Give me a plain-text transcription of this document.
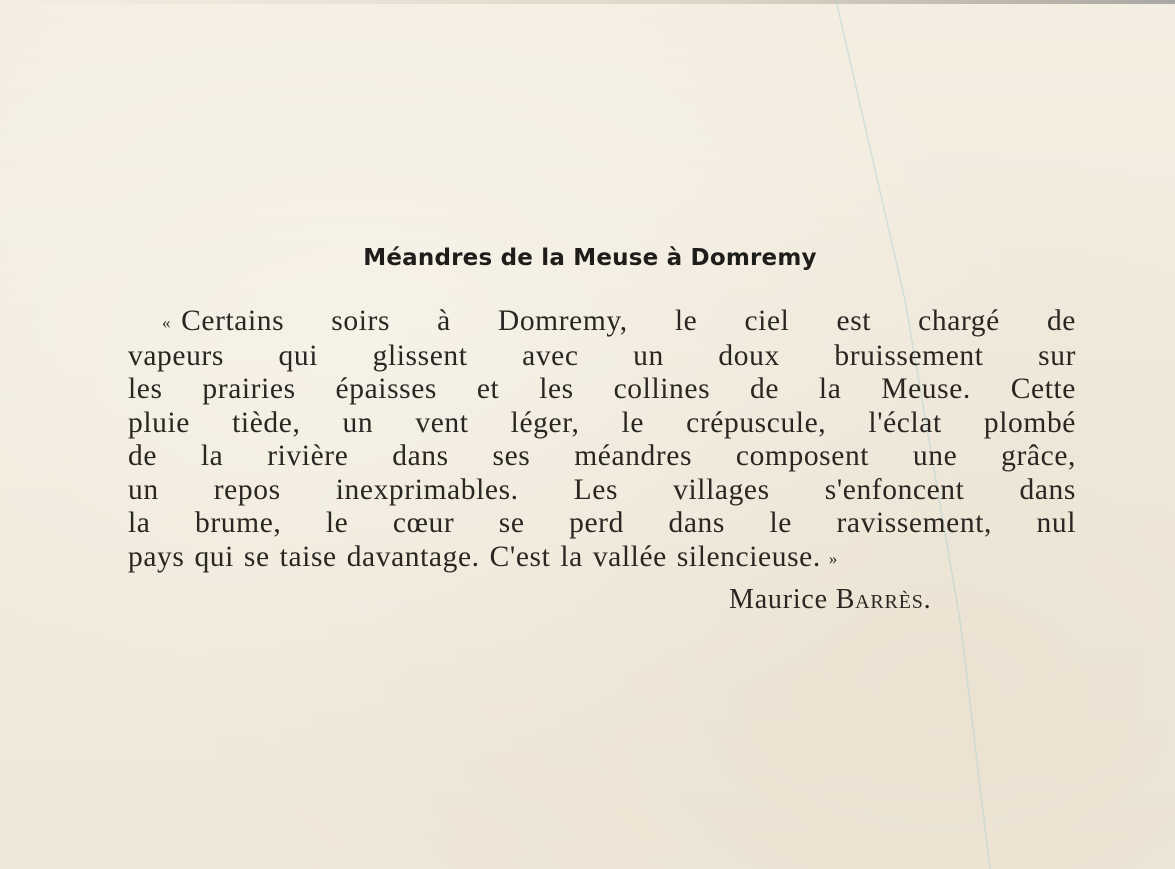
Méandres de la Meuse à Domremy
« Certains soirs à Domremy, le ciel est chargé de
vapeurs qui glissent avec un doux bruissement sur
les prairies épaisses et les collines de la Meuse. Cette
pluie tiède, un vent léger, le crépuscule, l'éclat plombé
de la rivière dans ses méandres composent une grâce,
un repos inexprimables. Les villages s'enfoncent dans
la brume, le cœur se perd dans le ravissement, nul
pays qui se taise davantage. C'est la vallée silencieuse. »
Maurice Barrès.
